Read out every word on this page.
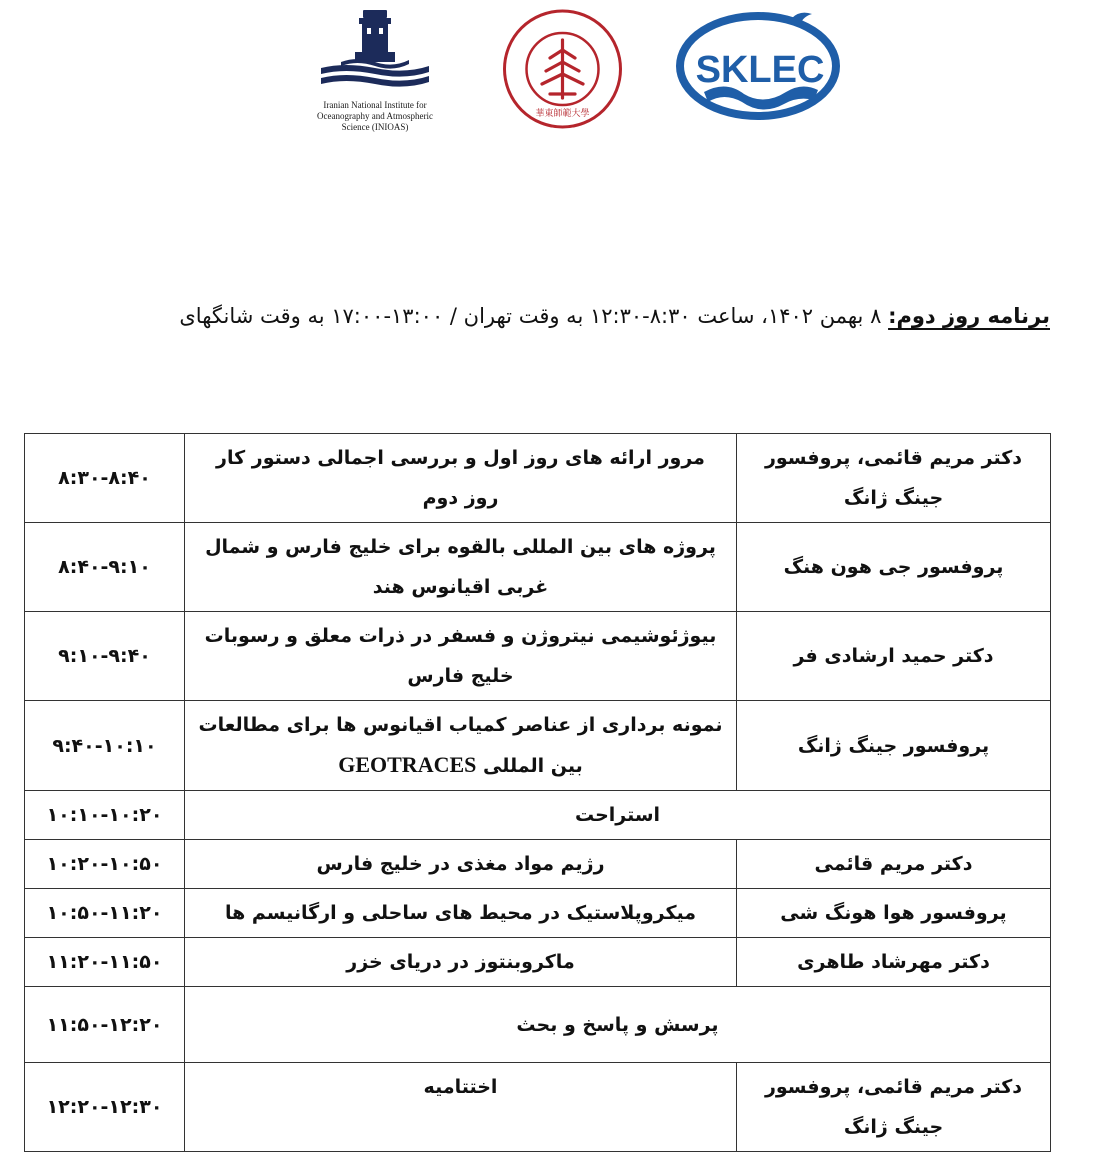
Iranian National Institute for
Oceanography and Atmospheric
Science (INIOAS)
華東師範大學
SKLEC
برنامه روز دوم: ۸ بهمن ۱۴۰۲، ساعت ۸:۳۰-۱۲:۳۰ به وقت تهران / ۱۳:۰۰-۱۷:۰۰ به وقت شانگهای
دکتر مریم قائمی، پروفسور جینگ ژانگ	مرور ارائه های روز اول و بررسی اجمالی دستور کار روز دوم	۸:۳۰-۸:۴۰
پروفسور جی هون هنگ	پروژه های بین المللی بالقوه برای خلیج فارس و شمال غربی اقیانوس هند	۸:۴۰-۹:۱۰
دکتر حمید ارشادی فر	بیوژئوشیمی نیتروژن و فسفر در ذرات معلق و رسوبات خلیج فارس	۹:۱۰-۹:۴۰
پروفسور جینگ ژانگ	نمونه برداری از عناصر کمیاب اقیانوس ها برای مطالعات بین المللی GEOTRACES	۹:۴۰-۱۰:۱۰
استراحت		۱۰:۱۰-۱۰:۲۰
دکتر مریم قائمی	رژیم مواد مغذی در خلیج فارس	۱۰:۲۰-۱۰:۵۰
پروفسور هوا هونگ شی	میکروپلاستیک در محیط های ساحلی و ارگانیسم ها	۱۰:۵۰-۱۱:۲۰
دکتر مهرشاد طاهری	ماکروبنتوز در دریای خزر	۱۱:۲۰-۱۱:۵۰
پرسش و پاسخ و بحث		۱۱:۵۰-۱۲:۲۰
دکتر مریم قائمی، پروفسور جینگ ژانگ	اختتامیه	۱۲:۲۰-۱۲:۳۰
